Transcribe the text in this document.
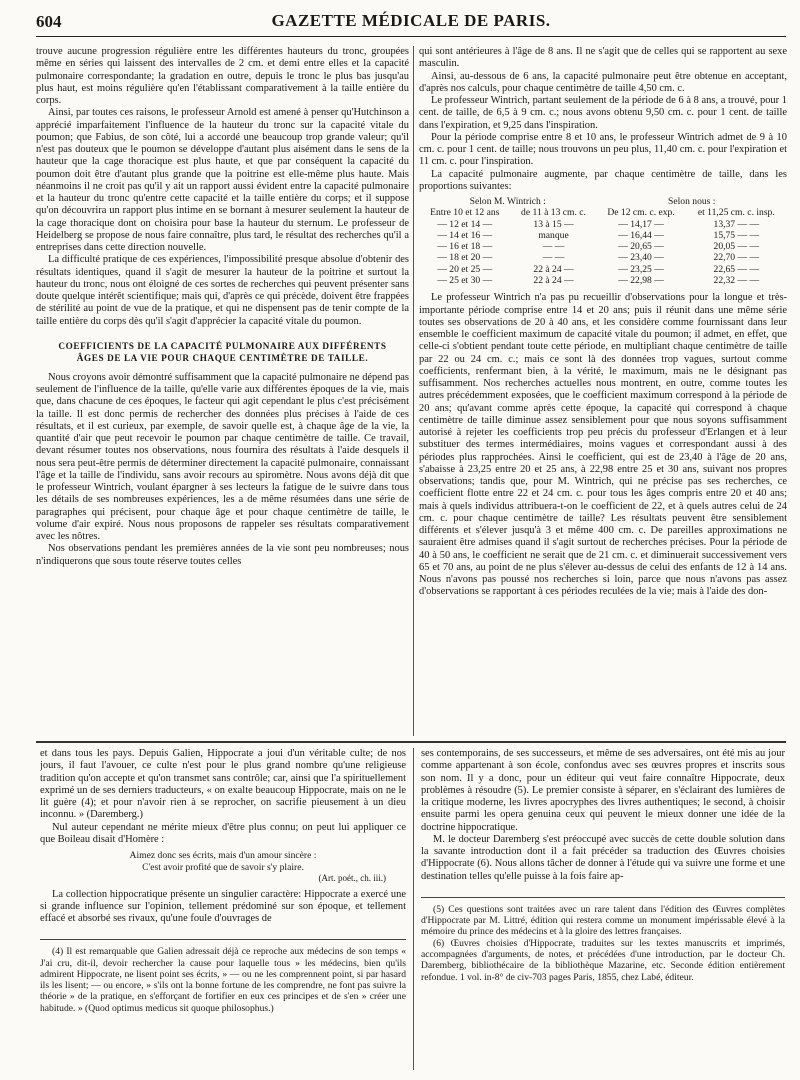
604	GAZETTE MÉDICALE DE PARIS.

trouve aucune progression régulière entre les différentes hauteurs du tronc, groupées même en séries qui laissent des intervalles de 2 cm. et demi entre elles et la capacité pulmonaire correspondante; la gradation en outre, depuis le tronc le plus bas jusqu'au plus haut, est moins régulière qu'en l'établissant comparativement à la taille entière du corps.

Ainsi, par toutes ces raisons, le professeur Arnold est amené à penser qu'Hutchinson a apprécié imparfaitement l'influence de la hauteur du tronc sur la capacité vitale du poumon; que Fabius, de son côté, lui a accordé une beaucoup trop grande valeur; qu'il n'est pas douteux que le poumon se développe d'autant plus aisément dans le sens de la hauteur que la cage thoracique est plus haute, et que par conséquent la capacité du poumon doit être d'autant plus grande que la poitrine est elle-même plus haute. Mais néanmoins il ne croit pas qu'il y ait un rapport aussi évident entre la capacité pulmonaire et la hauteur du tronc qu'entre cette capacité et la taille entière du corps; et il suppose qu'on découvrira un rapport plus intime en se bornant à mesurer seulement la hauteur de la cage thoracique dont on choisira pour base la hauteur du sternum. Le professeur de Heidelberg se propose de nous faire connaître, plus tard, le résultat des recherches qu'il a entreprises dans cette direction nouvelle.

La difficulté pratique de ces expériences, l'impossibilité presque absolue d'obtenir des résultats identiques, quand il s'agit de mesurer la hauteur de la poitrine et surtout la hauteur du tronc, nous ont éloigné de ces sortes de recherches qui peuvent présenter sans doute quelque intérêt scientifique; mais qui, d'après ce qui précède, doivent être frappées de stérilité au point de vue de la pratique, et qui ne dispensent pas de tenir compte de la taille entière du corps dès qu'il s'agit d'apprécier la capacité vitale du poumon.

COEFFICIENTS DE LA CAPACITÉ PULMONAIRE AUX DIFFÉRENTS ÂGES DE LA VIE POUR CHAQUE CENTIMÈTRE DE TAILLE.

Nous croyons avoir démontré suffisamment que la capacité pulmonaire ne dépend pas seulement de l'influence de la taille, qu'elle varie aux différentes époques de la vie, mais que, dans chacune de ces époques, le facteur qui agit cependant le plus c'est précisément la taille. Il est donc permis de rechercher des données plus précises à l'aide de ces résultats, et il est curieux, par exemple, de savoir quelle est, à chaque âge de la vie, la quantité d'air que peut recevoir le poumon par chaque centimètre de taille. Ce travail, devant résumer toutes nos observations, nous fournira des résultats à l'aide desquels il nous sera peut-être permis de déterminer directement la capacité pulmonaire, connaissant l'âge et la taille de l'individu, sans avoir recours au spiromètre. Nous avons déjà dit que le professeur Wintrich, voulant épargner à ses lecteurs la fatigue de le suivre dans tous les détails de ses nombreuses expériences, les a de même résumées dans une série de paragraphes qui précisent, pour chaque âge et pour chaque centimètre de taille, le volume d'air expiré. Nous nous proposons de rappeler ses résultats comparativement avec les nôtres.

Nos observations pendant les premières années de la vie sont peu nombreuses; nous n'indiquerons que sous toute réserve toutes celles

qui sont antérieures à l'âge de 8 ans. Il ne s'agit que de celles qui se rapportent au sexe masculin.

Ainsi, au-dessous de 6 ans, la capacité pulmonaire peut être obtenue en acceptant, d'après nos calculs, pour chaque centimètre de taille 4,50 cm. c.

Le professeur Wintrich, partant seulement de la période de 6 à 8 ans, a trouvé, pour 1 cent. de taille, de 6,5 à 9 cm. c.; nous avons obtenu 9,50 cm. c. pour 1 cent. de taille dans l'expiration, et 9,25 dans l'inspiration.

Pour la période comprise entre 8 et 10 ans, le professeur Wintrich admet de 9 à 10 cm. c. pour 1 cent. de taille; nous trouvons un peu plus, 11,40 cm. c. pour l'expiration et 11 cm. c. pour l'inspiration.

La capacité pulmonaire augmente, par chaque centimètre de taille, dans les proportions suivantes:

Selon M. Wintrich :		Selon nous :	
Entre 10 et 12 ans	de 11 à 13 cm. c.	De 12 cm. c. exp.	et 11,25 cm. c. insp.
— 12 et 14 —	13 à 15 —	— 14,17 —	13,37 — —
— 14 et 16 —	manque	— 16,44 —	15,75 — —
— 16 et 18 —	— —	— 20,65 —	20,05 — —
— 18 et 20 —	— —	— 23,40 —	22,70 — —
— 20 et 25 —	22 à 24 —	— 23,25 —	22,65 — —
— 25 et 30 —	22 à 24 —	— 22,98 —	22,32 — —

Le professeur Wintrich n'a pas pu recueillir d'observations pour la longue et très-importante période comprise entre 14 et 20 ans; puis il réunit dans une même série toutes ses observations de 20 à 40 ans, et les considère comme fournissant dans leur ensemble le coefficient maximum de capacité vitale du poumon; il admet, en effet, que celle-ci s'obtient pendant toute cette période, en multipliant chaque centimètre de taille par 22 ou 24 cm. c.; mais ce sont là des données trop vagues, surtout comme coefficients, renfermant bien, à la vérité, le maximum, mais ne le désignant pas suffisamment. Nos recherches actuelles nous montrent, en outre, comme toutes les autres précédemment exposées, que le coefficient maximum correspond à la période de 20 ans; qu'avant comme après cette époque, la capacité qui correspond à chaque centimètre de taille diminue assez sensiblement pour que nous soyons suffisamment autorisé à rejeter les coefficients trop peu précis du professeur d'Erlangen et à leur substituer des termes intermédiaires, moins vagues et correspondant aussi à des périodes plus rapprochées. Ainsi le coefficient, qui est de 23,40 à l'âge de 20 ans, s'abaisse à 23,25 entre 20 et 25 ans, à 22,98 entre 25 et 30 ans, suivant nos propres observations; tandis que, pour M. Wintrich, qui ne précise pas ses recherches, ce coefficient flotte entre 22 et 24 cm. c. pour tous les âges compris entre 20 et 40 ans; mais à quels individus attribuera-t-on le coefficient de 22, et à quels autres celui de 24 cm. c. pour chaque centimètre de taille? Les résultats peuvent être sensiblement différents et s'élever jusqu'à 3 et même 400 cm. c. De pareilles approximations ne sauraient être admises quand il s'agit surtout de recherches précises. Pour la période de 40 à 50 ans, le coefficient ne serait que de 21 cm. c. et diminuerait successivement vers 65 et 70 ans, au point de ne plus s'élever au-dessus de celui des enfants de 12 à 14 ans. Nous n'avons pas poussé nos recherches si loin, parce que nous n'avons pas assez d'observations se rapportant à ces périodes reculées de la vie; mais à l'aide des don-

et dans tous les pays. Depuis Galien, Hippocrate a joui d'un véritable culte; de nos jours, il faut l'avouer, ce culte n'est pour le plus grand nombre qu'une religieuse tradition qu'on accepte et qu'on transmet sans contrôle; car, ainsi que l'a spirituellement exprimé un de ses derniers traducteurs, « on exalte beaucoup Hippocrate, mais on ne le lit guère (4); et pour n'avoir rien à se reprocher, on sacrifie pieusement à un dieu inconnu. » (Daremberg.)

Nul auteur cependant ne mérite mieux d'être plus connu; on peut lui appliquer ce que Boileau disait d'Homère :

Aimez donc ses écrits, mais d'un amour sincère :
C'est avoir profité que de savoir s'y plaire.
(Art. poét., ch. iii.)

La collection hippocratique présente un singulier caractère: Hippocrate a exercé une si grande influence sur l'opinion, tellement prédominé sur son époque, et tellement effacé et absorbé ses rivaux, qu'une foule d'ouvrages de

(4) Il est remarquable que Galien adressait déjà ce reproche aux médecins de son temps « J'ai cru, dit-il, devoir rechercher la cause pour laquelle tous » les médecins, bien qu'ils admirent Hippocrate, ne lisent point ses écrits, » — ou ne les comprennent point, si par hasard ils les lisent; — ou encore, » s'ils ont la bonne fortune de les comprendre, ne font pas suivre la théorie » de la pratique, en s'efforçant de fortifier en eux ces principes et de s'en » créer une habitude. » (Quod optimus medicus sit quoque philosophus.)

ses contemporains, de ses successeurs, et même de ses adversaires, ont été mis au jour comme appartenant à son école, confondus avec ses œuvres propres et inscrits sous son nom. Il y a donc, pour un éditeur qui veut faire connaître Hippocrate, deux problèmes à résoudre (5). Le premier consiste à séparer, en s'éclairant des lumières de la critique moderne, les livres apocryphes des livres authentiques; le second, à choisir ensuite parmi les opera genuina ceux qui peuvent le mieux donner une idée de la doctrine hippocratique.

M. le docteur Daremberg s'est préoccupé avec succès de cette double solution dans la savante introduction dont il a fait précéder sa traduction des Œuvres choisies d'Hippocrate (6). Nous allons tâcher de donner à l'étude qui va suivre une forme et une destination telles qu'elle puisse à la fois faire ap-

(5) Ces questions sont traitées avec un rare talent dans l'édition des Œuvres complètes d'Hippocrate par M. Littré, édition qui restera comme un monument impérissable élevé à la mémoire du prince des médecins et à la gloire des lettres françaises.

(6) Œuvres choisies d'Hippocrate, traduites sur les textes manuscrits et imprimés, accompagnées d'arguments, de notes, et précédées d'une introduction, par le docteur Ch. Daremberg, bibliothécaire de la bibliothèque Mazarine, etc. Seconde édition entièrement refondue. 1 vol. in-8° de civ-703 pages Paris, 1855, chez Labé, éditeur.
